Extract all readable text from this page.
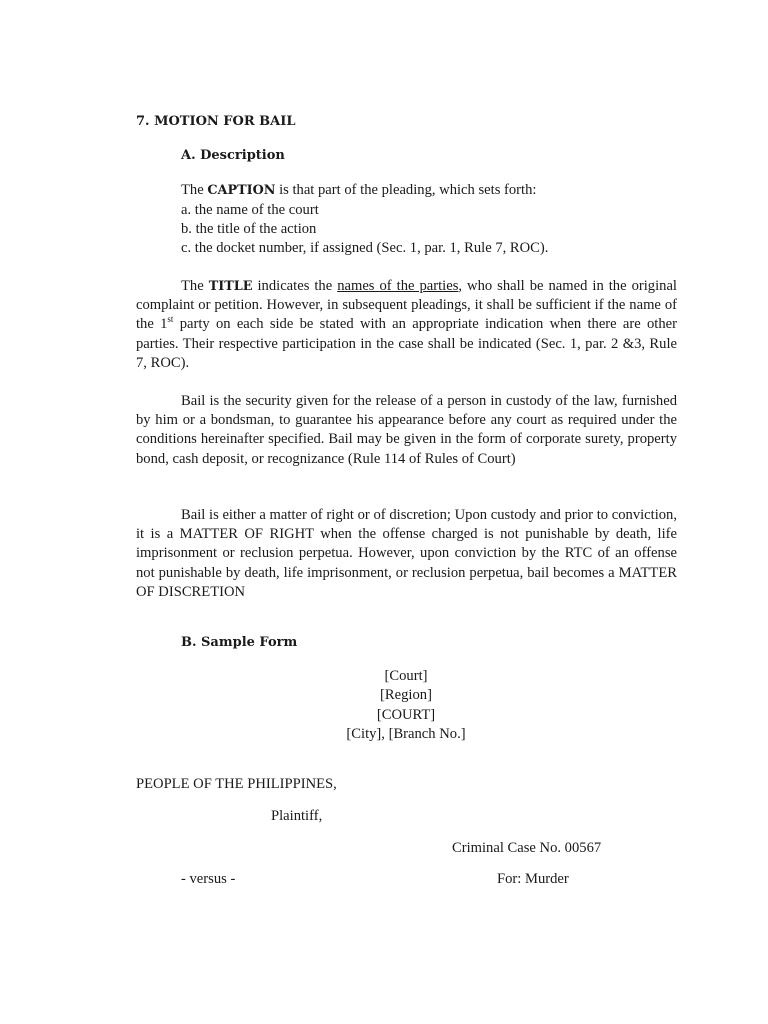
7. MOTION FOR BAIL
A. Description
The CAPTION is that part of the pleading, which sets forth:
a. the name of the court
b. the title of the action
c. the docket number, if assigned (Sec. 1, par. 1, Rule 7, ROC).

The TITLE indicates the names of the parties, who shall be named in the original complaint or petition. However, in subsequent pleadings, it shall be sufficient if the name of the 1st party on each side be stated with an appropriate indication when there are other parties. Their respective participation in the case shall be indicated (Sec. 1, par. 2 &3, Rule 7, ROC).

Bail is the security given for the release of a person in custody of the law, furnished by him or a bondsman, to guarantee his appearance before any court as required under the conditions hereinafter specified. Bail may be given in the form of corporate surety, property bond, cash deposit, or recognizance (Rule 114 of Rules of Court)

Bail is either a matter of right or of discretion; Upon custody and prior to conviction, it is a MATTER OF RIGHT when the offense charged is not punishable by death, life imprisonment or reclusion perpetua. However, upon conviction by the RTC of an offense not punishable by death, life imprisonment, or reclusion perpetua, bail becomes a MATTER OF DISCRETION

B. Sample Form
[Court]
[Region]
[COURT]
[City], [Branch No.]
PEOPLE OF THE PHILIPPINES,
Plaintiff,
Criminal Case No. 00567
- versus -	For: Murder
